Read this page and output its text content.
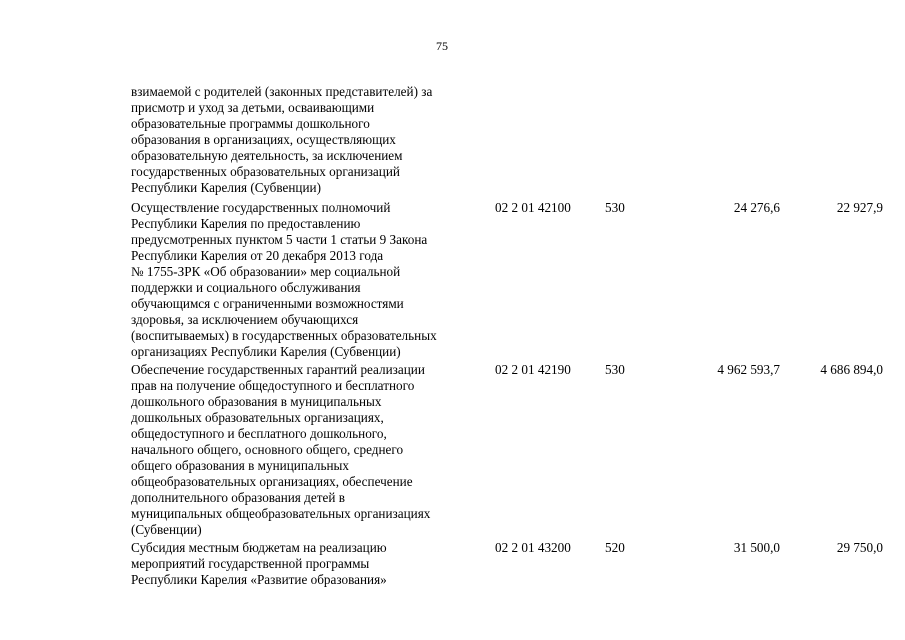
75
взимаемой с родителей (законных представителей) за
присмотр и уход за детьми, осваивающими
образовательные программы дошкольного
образования в организациях, осуществляющих
образовательную деятельность, за исключением
государственных образовательных организаций
Республики Карелия (Субвенции)
Осуществление государственных полномочий
Республики Карелия по предоставлению
предусмотренных пунктом 5 части 1 статьи 9 Закона
Республики Карелия от 20 декабря 2013 года
№ 1755-ЗРК «Об образовании» мер социальной
поддержки и социального обслуживания
обучающимся с ограниченными возможностями
здоровья, за исключением обучающихся
(воспитываемых) в государственных образовательных
организациях Республики Карелия (Субвенции)
02 2 01 42100	530	24 276,6	22 927,9
Обеспечение государственных гарантий реализации
прав на получение общедоступного и бесплатного
дошкольного образования в муниципальных
дошкольных образовательных организациях,
общедоступного и бесплатного дошкольного,
начального общего, основного общего, среднего
общего образования в муниципальных
общеобразовательных организациях, обеспечение
дополнительного образования детей в
муниципальных общеобразовательных организациях
(Субвенции)
02 2 01 42190	530	4 962 593,7	4 686 894,0
Субсидия местным бюджетам на реализацию
мероприятий государственной программы
Республики Карелия «Развитие образования»
02 2 01 43200	520	31 500,0	29 750,0
